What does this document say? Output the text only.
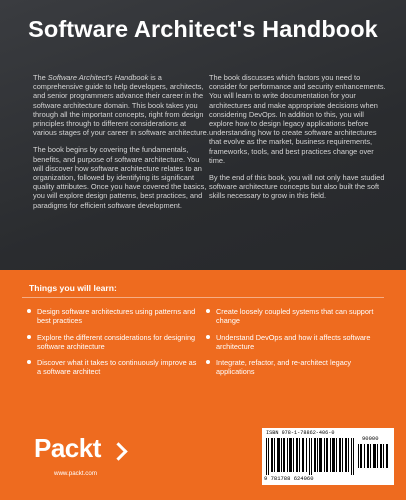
Software Architect's Handbook

The Software Architect's Handbook is a comprehensive guide to help developers, architects, and senior programmers advance their career in the software architecture domain. This book takes you through all the important concepts, right from design principles through to different considerations at various stages of your career in software architecture.

The book begins by covering the fundamentals, benefits, and purpose of software architecture. You will discover how software architecture relates to an organization, followed by identifying its significant quality attributes. Once you have covered the basics, you will explore design patterns, best practices, and paradigms for efficient software development.

The book discusses which factors you need to consider for performance and security enhancements. You will learn to write documentation for your architectures and make appropriate decisions when considering DevOps. In addition to this, you will explore how to design legacy applications before understanding how to create software architectures that evolve as the market, business requirements, frameworks, tools, and best practices change over time.

By the end of this book, you will not only have studied software architecture concepts but also built the soft skills necessary to grow in this field.

Things you will learn:
Design software architectures using patterns and best practices
Explore the different considerations for designing software architecture
Discover what it takes to continuously improve as a software architect
Create loosely coupled systems that can support change
Understand DevOps and how it affects software architecture
Integrate, refactor, and re-architect legacy applications
Packt
www.packt.com
ISBN 978-1-78862-406-0
90000
9 781788 624060
